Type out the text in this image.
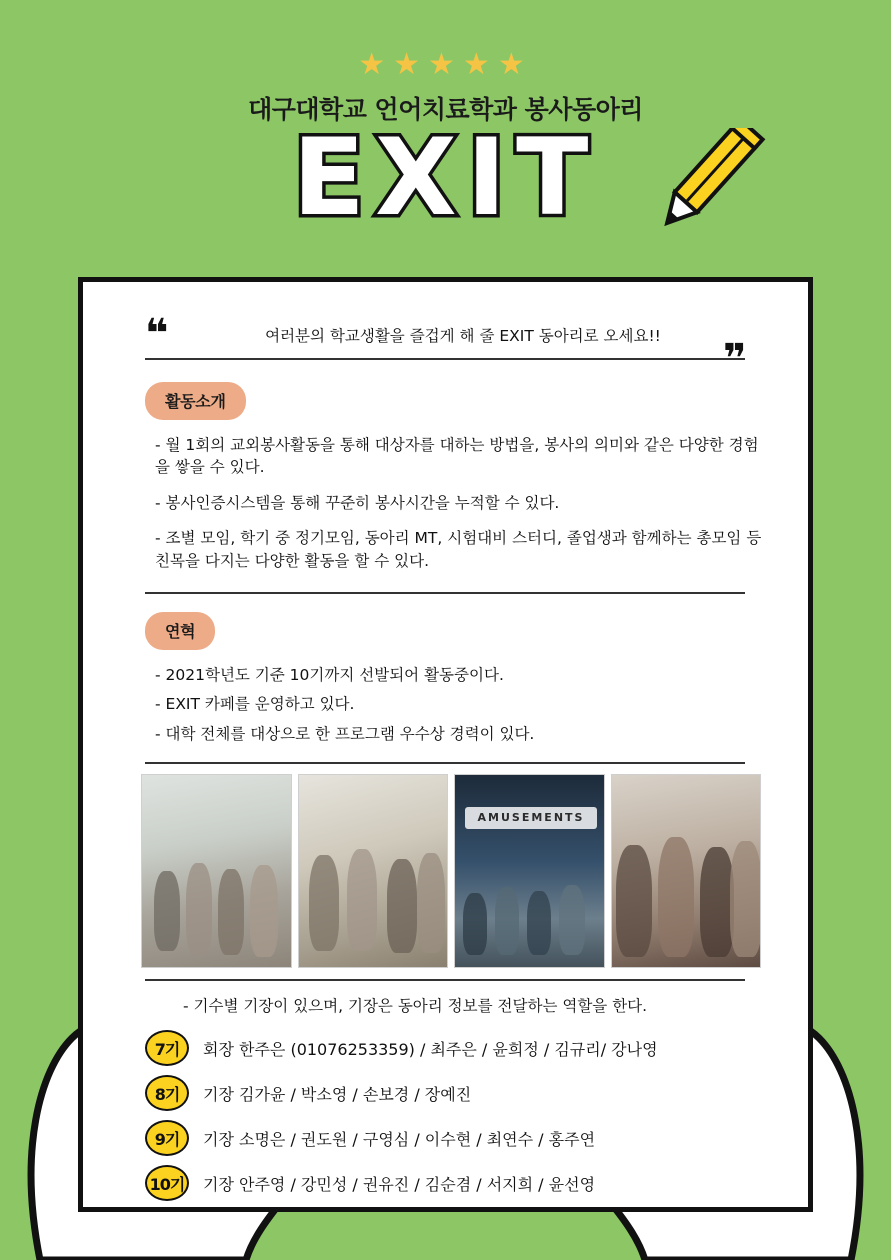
★★★★★
대구대학교 언어치료학과 봉사동아리
EXIT
❝	여러분의 학교생활을 즐겁게 해 줄 EXIT 동아리로 오세요!!	❞
활동소개

- 월 1회의 교외봉사활동을 통해 대상자를 대하는 방법을, 봉사의 의미와 같은 다양한 경험을 쌓을 수 있다.

- 봉사인증시스템을 통해 꾸준히 봉사시간을 누적할 수 있다.

- 조별 모임, 학기 중 정기모임, 동아리 MT, 시험대비 스터디, 졸업생과 함께하는 총모임 등 친목을 다지는 다양한 활동을 할 수 있다.

연혁

- 2021학년도 기준 10기까지 선발되어 활동중이다.

- EXIT 카페를 운영하고 있다.

- 대학 전체를 대상으로 한 프로그램 우수상 경력이 있다.

AMUSEMENTS
- 기수별 기장이 있으며, 기장은 동아리 정보를 전달하는 역할을 한다.
7기	회장 한주은 (01076253359) / 최주은 / 윤희정 / 김규리/ 강나영
8기	기장 김가윤 / 박소영 / 손보경 / 장예진
9기	기장 소명은 / 권도원 / 구영심 / 이수현 / 최연수 / 홍주연
10기 기장 안주영 / 강민성 / 권유진 / 김순겸 / 서지희 / 윤선영
